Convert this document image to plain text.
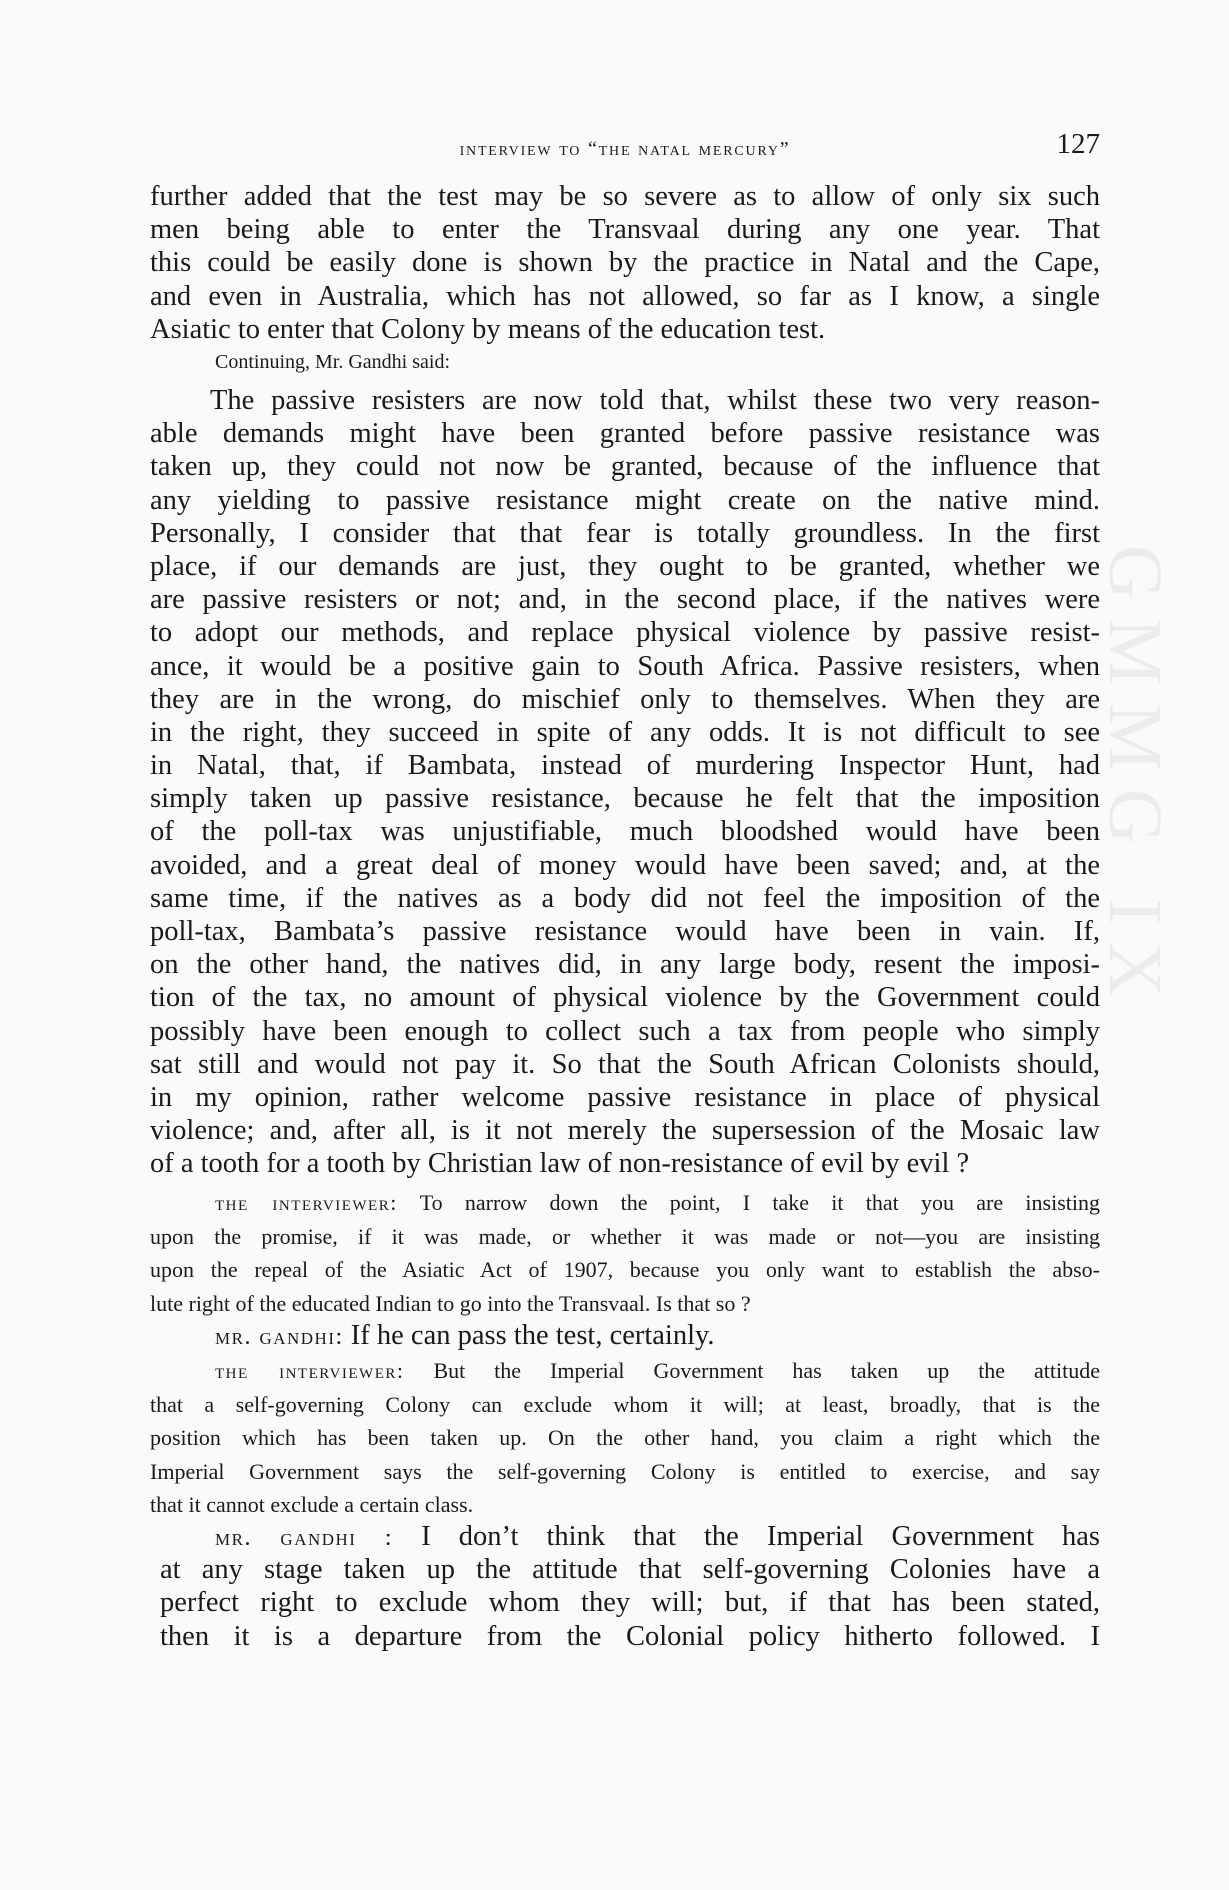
GMMG IX
interview to “the natal mercury”	127
further added that the test may be so severe as to allow of only six such
men being able to enter the Transvaal during any one year. That
this could be easily done is shown by the practice in Natal and the Cape,
and even in Australia, which has not allowed, so far as I know, a single
Asiatic to enter that Colony by means of the education test.
Continuing, Mr. Gandhi said:
The passive resisters are now told that, whilst these two very reason-
able demands might have been granted before passive resistance was
taken up, they could not now be granted, because of the influence that
any yielding to passive resistance might create on the native mind.
Personally, I consider that that fear is totally groundless. In the first
place, if our demands are just, they ought to be granted, whether we
are passive resisters or not; and, in the second place, if the natives were
to adopt our methods, and replace physical violence by passive resist-
ance, it would be a positive gain to South Africa. Passive resisters, when
they are in the wrong, do mischief only to themselves. When they are
in the right, they succeed in spite of any odds. It is not difficult to see
in Natal, that, if Bambata, instead of murdering Inspector Hunt, had
simply taken up passive resistance, because he felt that the imposition
of the poll-tax was unjustifiable, much bloodshed would have been
avoided, and a great deal of money would have been saved; and, at the
same time, if the natives as a body did not feel the imposition of the
poll-tax, Bambata’s passive resistance would have been in vain. If,
on the other hand, the natives did, in any large body, resent the imposi-
tion of the tax, no amount of physical violence by the Government could
possibly have been enough to collect such a tax from people who simply
sat still and would not pay it. So that the South African Colonists should,
in my opinion, rather welcome passive resistance in place of physical
violence; and, after all, is it not merely the supersession of the Mosaic law
of a tooth for a tooth by Christian law of non-resistance of evil by evil ?
the interviewer: To narrow down the point, I take it that you are insisting
upon the promise, if it was made, or whether it was made or not—you are insisting
upon the repeal of the Asiatic Act of 1907, because you only want to establish the abso-
lute right of the educated Indian to go into the Transvaal. Is that so ?
mr. gandhi: If he can pass the test, certainly.
the interviewer: But the Imperial Government has taken up the attitude
that a self-governing Colony can exclude whom it will; at least, broadly, that is the
position which has been taken up. On the other hand, you claim a right which the
Imperial Government says the self-governing Colony is entitled to exercise, and say
that it cannot exclude a certain class.
mr. gandhi : I don’t think that the Imperial Government has
at any stage taken up the attitude that self-governing Colonies have a
perfect right to exclude whom they will; but, if that has been stated,
then it is a departure from the Colonial policy hitherto followed. I
